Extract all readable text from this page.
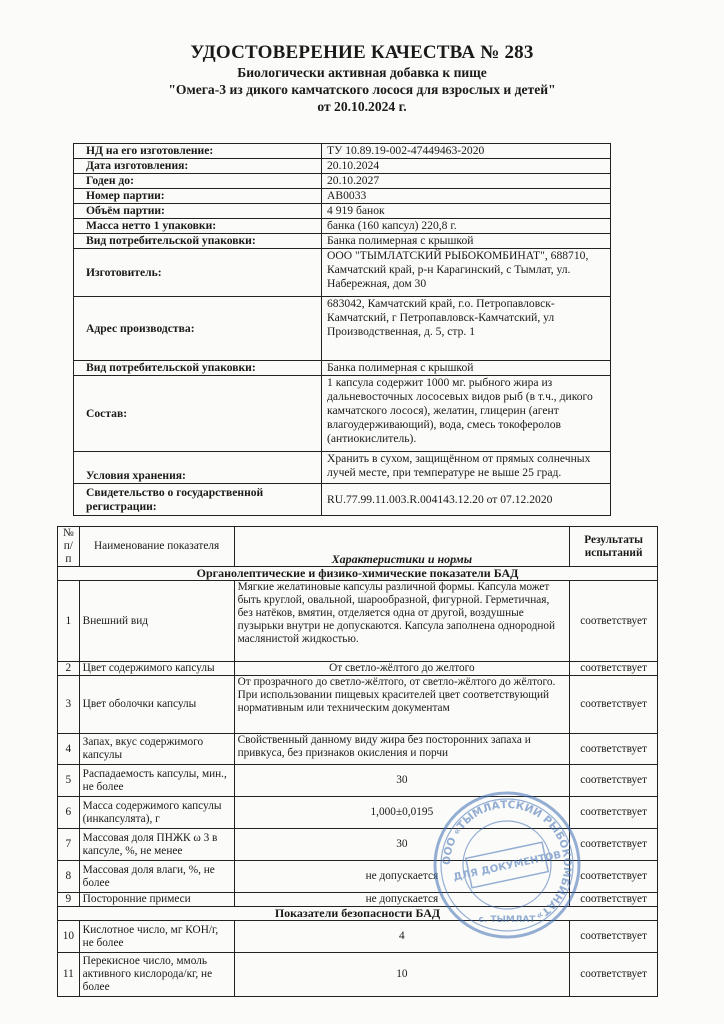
УДОСТОВЕРЕНИЕ КАЧЕСТВА № 283
Биологически активная добавка к пище
"Омега-3 из дикого камчатского лосося для взрослых и детей"
от 20.10.2024 г.
НД на его изготовление:	ТУ 10.89.19-002-47449463-2020
Дата изготовления:	20.10.2024
Годен до:	20.10.2027
Номер партии:	АВ0033
Объём партии:	4 919 банок
Масса нетто 1 упаковки:	банка (160 капсул) 220,8 г.
Вид потребительской упаковки:	Банка полимерная с крышкой
Изготовитель:	ООО "ТЫМЛАТСКИЙ РЫБОКОМБИНАТ", 688710, Камчатский край, р-н Карагинский, с Тымлат, ул. Набережная, дом 30
Адрес производства:	683042, Камчатский край, г.о. Петропавловск-Камчатский, г Петропавловск-Камчатский, ул Производственная, д. 5, стр. 1
Вид потребительской упаковки:	Банка полимерная с крышкой
Состав:	1 капсула содержит 1000 мг. рыбного жира из дальневосточных лососевых видов рыб (в т.ч., дикого камчатского лосося), желатин, глицерин (агент влагоудерживающий), вода, смесь токоферолов (антиокислитель).
Условия хранения:	Хранить в сухом, защищённом от прямых солнечных лучей месте, при температуре не выше 25 град.
Свидетельство о государственной регистрации:	RU.77.99.11.003.R.004143.12.20 от 07.12.2020
№ п/п	Наименование показателя	Характеристики и нормы	Результаты испытаний
Органолептические и физико-химические показатели БАД			
1	Внешний вид	Мягкие желатиновые капсулы различной формы. Капсула может быть круглой, овальной, шарообразной, фигурной. Герметичная, без натёков, вмятин, отделяется одна от другой, воздушные пузырьки внутри не допускаются. Капсула заполнена однородной маслянистой жидкостью.	соответствует
2	Цвет содержимого капсулы	От светло-жёлтого до желтого	соответствует
3	Цвет оболочки капсулы	От прозрачного до светло-жёлтого, от светло-жёлтого до жёлтого. При использовании пищевых красителей цвет соответствующий нормативным или техническим документам	соответствует
4	Запах, вкус содержимого капсулы	Свойственный данному виду жира без посторонних запаха и привкуса, без признаков окисления и порчи	соответствует
5	Распадаемость капсулы, мин., не более	30	соответствует
6	Масса содержимого капсулы (инкапсулята), г	1,000±0,0195	соответствует
7	Массовая доля ПНЖК ω 3 в капсуле, %, не менее	30	соответствует
8	Массовая доля влаги, %, не более	не допускается	соответствует
9	Посторонние примеси	не допускается	соответствует
Показатели безопасности БАД			
10	Кислотное число, мг КОН/г, не более	4	соответствует
11	Перекисное число, ммоль активного кислорода/кг, не более	10	соответствует
ООО «ТЫМЛАТСКИЙ РЫБОКОМБИНАТ»
ДЛЯ ДОКУМЕНТОВ
с. ТЫМЛАТ
